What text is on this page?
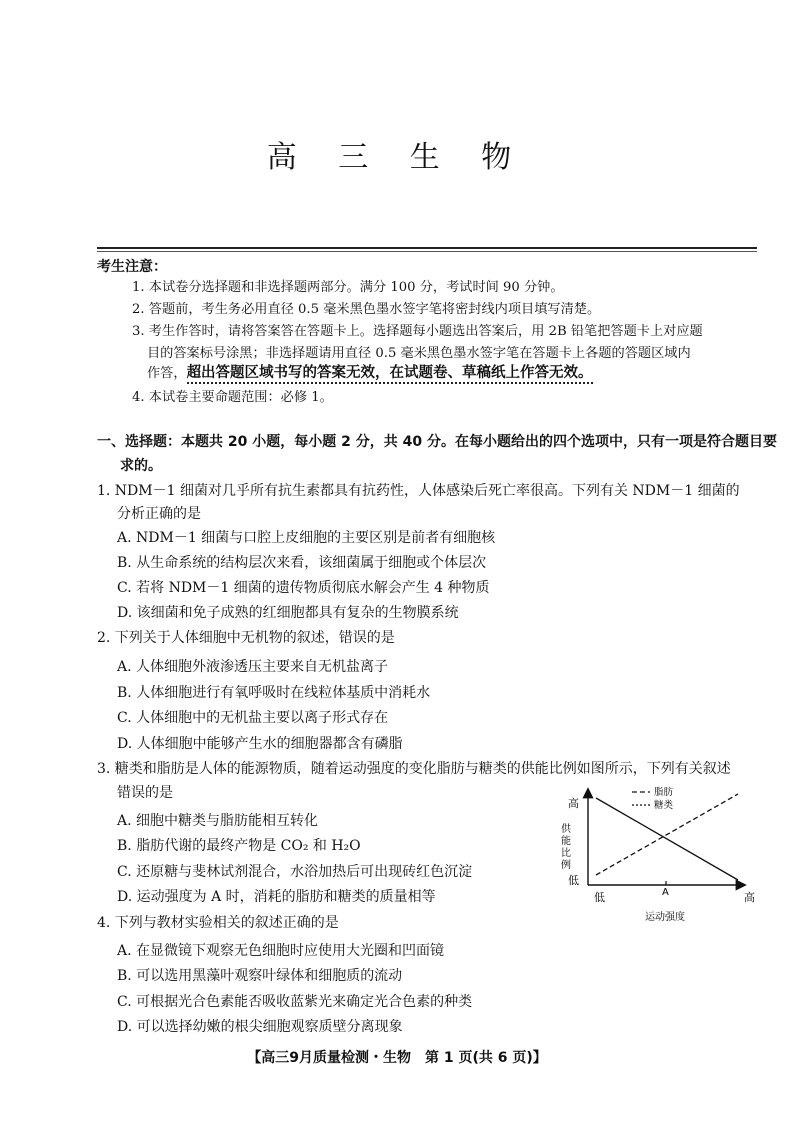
高 三 生 物
考生注意：
1. 本试卷分选择题和非选择题两部分。满分 100 分，考试时间 90 分钟。
2. 答题前，考生务必用直径 0.5 毫米黑色墨水签字笔将密封线内项目填写清楚。
3. 考生作答时，请将答案答在答题卡上。选择题每小题选出答案后，用 2B 铅笔把答题卡上对应题
目的答案标号涂黑；非选择题请用直径 0.5 毫米黑色墨水签字笔在答题卡上各题的答题区域内
作答，超出答题区域书写的答案无效，在试题卷、草稿纸上作答无效。
4. 本试卷主要命题范围：必修 1。
一、选择题：本题共 20 小题，每小题 2 分，共 40 分。在每小题给出的四个选项中，只有一项是符合题目要
求的。
1. NDM－1 细菌对几乎所有抗生素都具有抗药性，人体感染后死亡率很高。下列有关 NDM－1 细菌的
分析正确的是
A. NDM－1 细菌与口腔上皮细胞的主要区别是前者有细胞核
B. 从生命系统的结构层次来看，该细菌属于细胞或个体层次
C. 若将 NDM－1 细菌的遗传物质彻底水解会产生 4 种物质
D. 该细菌和免子成熟的红细胞都具有复杂的生物膜系统
2. 下列关于人体细胞中无机物的叙述，错误的是
A. 人体细胞外液渗透压主要来自无机盐离子
B. 人体细胞进行有氧呼吸时在线粒体基质中消耗水
C. 人体细胞中的无机盐主要以离子形式存在
D. 人体细胞中能够产生水的细胞器都含有磷脂
3. 糖类和脂肪是人体的能源物质，随着运动强度的变化脂肪与糖类的供能比例如图所示，下列有关叙述
错误的是
A. 细胞中糖类与脂肪能相互转化
B. 脂肪代谢的最终产物是 CO₂ 和 H₂O
C. 还原糖与斐林试剂混合，水浴加热后可出现砖红色沉淀
D. 运动强度为 A 时，消耗的脂肪和糖类的质量相等	A
高
低
低	高
运动强度
供
能
比
例
脂肪
糖类
4. 下列与教材实验相关的叙述正确的是
A. 在显微镜下观察无色细胞时应使用大光圈和凹面镜
B. 可以选用黑藻叶观察叶绿体和细胞质的流动
C. 可根据光合色素能否吸收蓝紫光来确定光合色素的种类
D. 可以选择幼嫩的根尖细胞观察质壁分离现象
【高三9月质量检测・生物　第 1 页(共 6 页)】
